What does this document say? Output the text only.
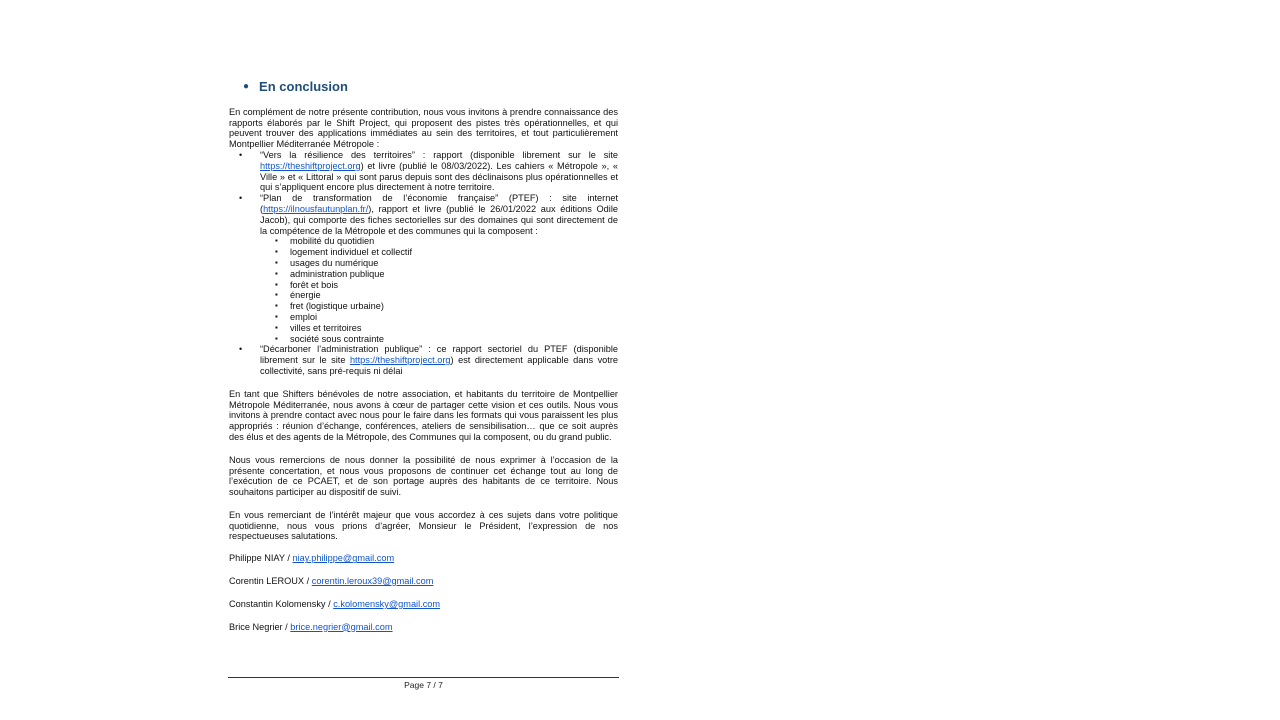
● En conclusion

En complément de notre présente contribution, nous vous invitons à prendre connaissance des rapports élaborés par le Shift Project, qui proposent des pistes très opérationnelles, et qui peuvent trouver des applications immédiates au sein des territoires, et tout particulièrement Montpellier Méditerranée Métropole :

• “Vers la résilience des territoires” : rapport (disponible librement sur le site https://theshiftproject.org) et livre (publié le 08/03/2022). Les cahiers « Métropole », « Ville » et « Littoral » qui sont parus depuis sont des déclinaisons plus opérationnelles et qui s’appliquent encore plus directement à notre territoire.
• “Plan de transformation de l’économie française” (PTEF) : site internet (https://ilnousfautunplan.fr/), rapport et livre (publié le 26/01/2022 aux éditions Odile Jacob), qui comporte des fiches sectorielles sur des domaines qui sont directement de la compétence de la Métropole et des communes qui la composent :
▪ mobilité du quotidien
▪ logement individuel et collectif
▪ usages du numérique
▪ administration publique
▪ forêt et bois
▪ énergie
▪ fret (logistique urbaine)
▪ emploi
▪ villes et territoires
▪ société sous contrainte
• “Décarboner l’administration publique” : ce rapport sectoriel du PTEF (disponible librement sur le site https://theshiftproject.org) est directement applicable dans votre collectivité, sans pré-requis ni délai

En tant que Shifters bénévoles de notre association, et habitants du territoire de Montpellier Métropole Méditerranée, nous avons à cœur de partager cette vision et ces outils. Nous vous invitons à prendre contact avec nous pour le faire dans les formats qui vous paraissent les plus appropriés : réunion d’échange, conférences, ateliers de sensibilisation… que ce soit auprès des élus et des agents de la Métropole, des Communes qui la composent, ou du grand public.

Nous vous remercions de nous donner la possibilité de nous exprimer à l’occasion de la présente concertation, et nous vous proposons de continuer cet échange tout au long de l’exécution de ce PCAET, et de son portage auprès des habitants de ce territoire. Nous souhaitons participer au dispositif de suivi.

En vous remerciant de l’intérêt majeur que vous accordez à ces sujets dans votre politique quotidienne, nous vous prions d’agréer, Monsieur le Président, l’expression de nos respectueuses salutations.

Philippe NIAY / niay.philippe@gmail.com
Corentin LEROUX / corentin.leroux39@gmail.com
Constantin Kolomensky / c.kolomensky@gmail.com
Brice Negrier / brice.negrier@gmail.com
Page 7 / 7
